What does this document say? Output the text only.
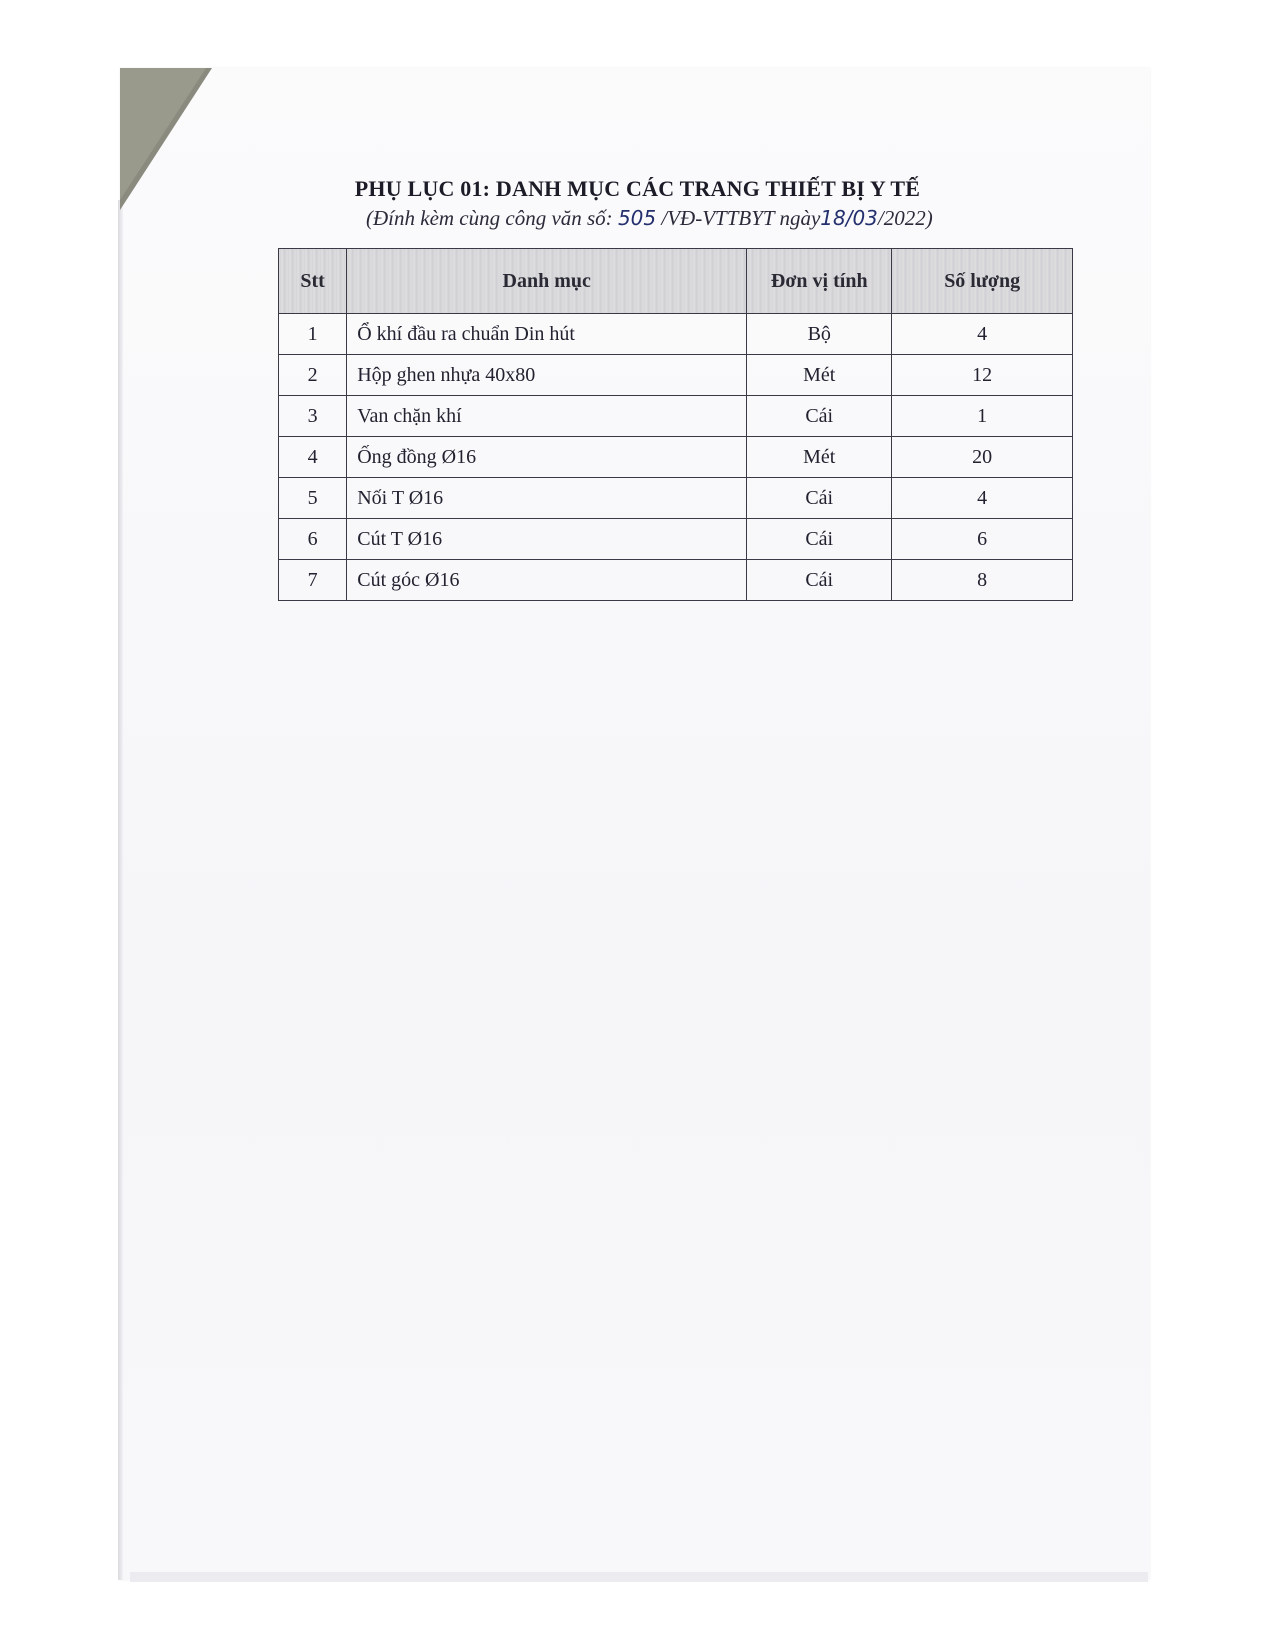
PHỤ LỤC 01: DANH MỤC CÁC TRANG THIẾT BỊ Y TẾ
(Đính kèm cùng công văn số: 505 /VĐ-VTTBYT ngày18/03/2022)
Stt	Danh mục	Đơn vị tính	Số lượng
1	Ổ khí đầu ra chuẩn Din hút	Bộ	4
2	Hộp ghen nhựa 40x80	Mét	12
3	Van chặn khí	Cái	1
4	Ống đồng Ø16	Mét	20
5	Nối T Ø16	Cái	4
6	Cút T Ø16	Cái	6
7	Cút góc Ø16	Cái	8
